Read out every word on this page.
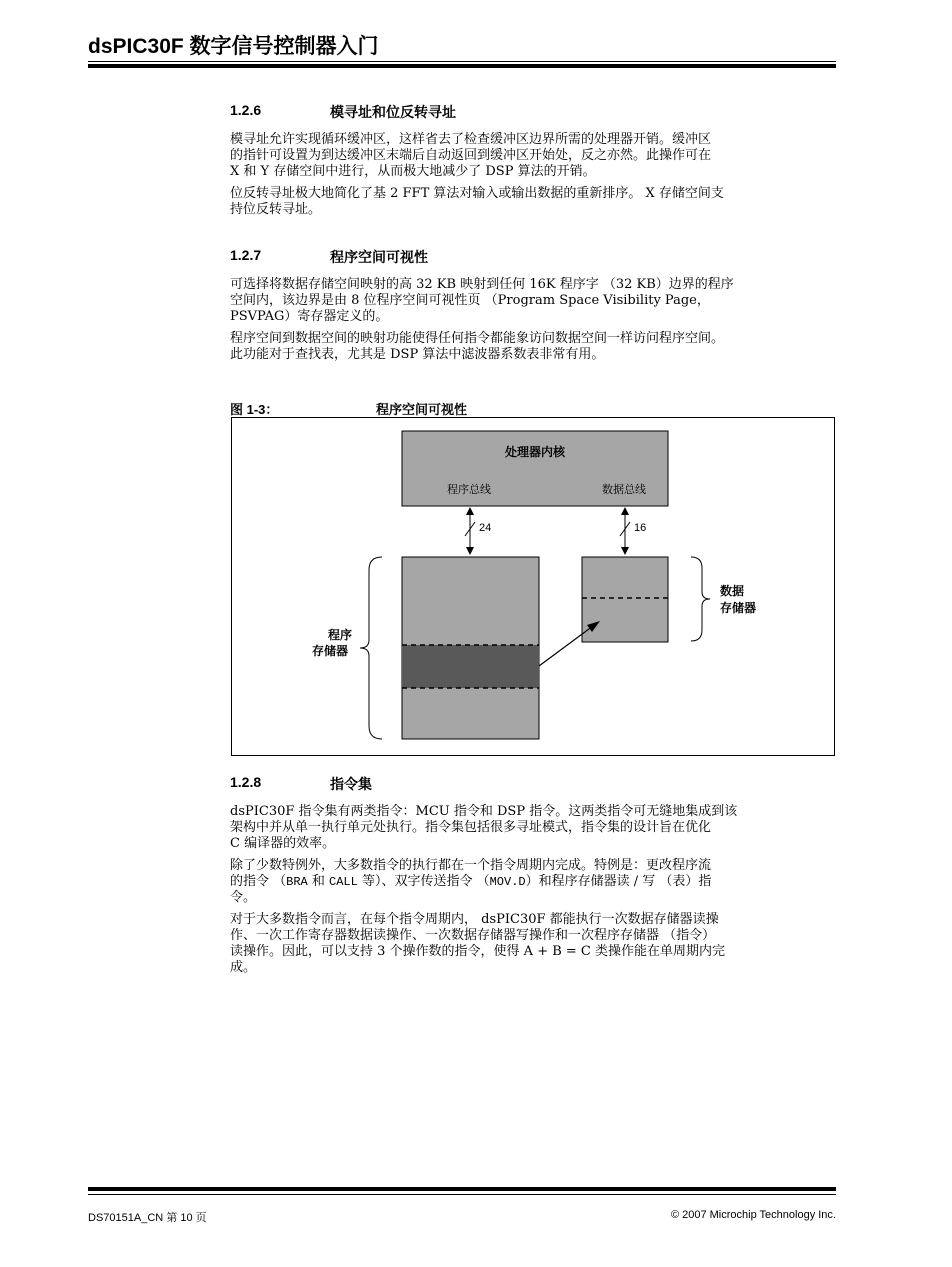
dsPIC30F 数字信号控制器入门
1.2.6	模寻址和位反转寻址

模寻址允许实现循环缓冲区，这样省去了检查缓冲区边界所需的处理器开销。缓冲区
的指针可设置为到达缓冲区末端后自动返回到缓冲区开始处，反之亦然。此操作可在
X 和 Y 存储空间中进行，从而极大地减少了 DSP 算法的开销。

位反转寻址极大地简化了基 2 FFT 算法对输入或输出数据的重新排序。 X 存储空间支
持位反转寻址。

1.2.7	程序空间可视性

可选择将数据存储空间映射的高 32 KB 映射到任何 16K 程序字 （32 KB）边界的程序
空间内，该边界是由 8 位程序空间可视性页 （Program Space Visibility Page，
PSVPAG）寄存器定义的。

程序空间到数据空间的映射功能使得任何指令都能象访问数据空间一样访问程序空间。
此功能对于查找表，尤其是 DSP 算法中滤波器系数表非常有用。

图 1-3：	程序空间可视性
处理器内核
程序总线	数据总线
24	16
程序
存储器
数据
存储器
1.2.8	指令集

dsPIC30F 指令集有两类指令：MCU 指令和 DSP 指令。这两类指令可无缝地集成到该
架构中并从单一执行单元处执行。指令集包括很多寻址模式，指令集的设计旨在优化
C 编译器的效率。

除了少数特例外，大多数指令的执行都在一个指令周期内完成。特例是：更改程序流
的指令 （BRA 和 CALL 等）、双字传送指令 （MOV.D）和程序存储器读 / 写 （表）指
令。

对于大多数指令而言，在每个指令周期内， dsPIC30F 都能执行一次数据存储器读操
作、一次工作寄存器数据读操作、一次数据存储器写操作和一次程序存储器 （指令）
读操作。因此，可以支持 3 个操作数的指令，使得 A + B = C 类操作能在单周期内完
成。

DS70151A_CN 第 10 页	© 2007 Microchip Technology Inc.
